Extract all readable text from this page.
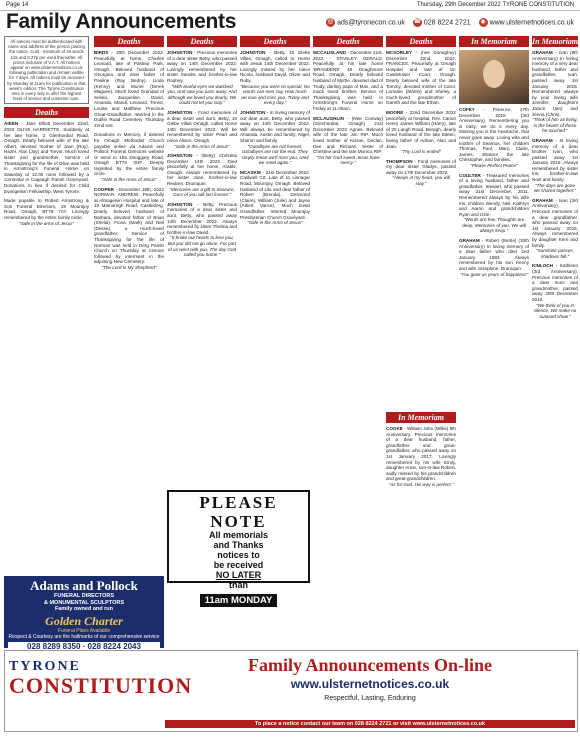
Page 14	Thursday, 29th December 2022 TYRONE CONSTITUTION
Family Announcements	@ ads@tyronecon.co.uk ☎ 028 8224 2721 ◉ www.ulsternetnotices.co.uk
All notices must be authenticated with name and address of the person placing the notice. Cost - minimum of 25 words £15 and 0.27p per word thereafter. All prices inclusive of V.A.T. All notices appear on www.ulsternetnotices.co.uk following publication and remain visible for 7 days. All notices must be received by Monday at 11am for publication in that week's edition. The Tyrone Constitution tries in every way to offer the highest level of service and customer care.
Deaths
AIKEN - Jane Elliott December 22nd, 2022 OLIVE HARRIETTE. Suddenly at her late home, 2 Glenhordial Road, Omagh. Dearly beloved wife of the late Albert, devoted mother of Joan (Roy), Hazel, Alan (Joy) and Trevor. Much loved sister and grandmother. Service of Thanksgiving for the life of Olive was held in Armstrong's Funeral Home on Saturday at 12.00 noon followed by a committal in Cappagh Parish Graveyard. Donations in lieu if desired for Child Evangelism Fellowship, West Tyrone.
Made payable to Robert Armstrong & Son Funeral Directors, 19 Mountjoy Road, Omagh, BT79 7AY. Lovingly remembered by the entire family circle.
"Safe in the arms of Jesus"
Deaths
BIRDS - 20th December 2022. Peacefully at home, Charles Leonard, late of Pasteur Park, Omagh. Beloved husband of Georgina and dear father of Pauline (Ray Bedoy), Linda (Kenny) and Muriel (Derek Maguire). Much loved Grandad of Selina, Jacqueline, David, Amanda, Mandi, Leonard, Trevor, Louise and Matthew. Precious Great-Grandfather. Interred in the Dublin Road Cemetery Thursday 22nd inst.
Donations in Memory, if desired for Omagh Methodist Church payable online via Adams and Pollock Funeral Directors website or send to 155 Dooggary Road, Omagh BT79 0HF. Deeply regretted by the entire family circle.
"Safe in the Arms of Jesus"
COOPER - December 19th, 2022 NORMAN ANDREW. Peacefully at Altnagelvin Hospital and late of 18 Mamoregh Road, Castlederg. Dearly beloved husband of Barbara, devoted father of Brian (Sheila), Fiona (Mark) and Neil (Desse), a much-loved grandfather. Service of Thanksgiving for the life of Norman was held in Derg Parish Church on Thursday at 12noon followed by interment in the adjoining New Cemetery.
"The Lord Is My Shepherd"
Deaths
JOHNSTON - Precious memories of a dear sister Betty, who passed away on 14th December 2022. Lovingly remembered by her sister Sandra and brother-in-law Rodney.
"With tearful eyes we watched you, And saw you pass away. And although we loved you dearly, We could not let you stay."
JOHNSTON - Fond memories of a dear sister and aunt, Betty, 10 Glebe Villas Omagh, called Home 14th December 2022. Will be remembered by sister Pearl and niece Alison, Omagh.
"Safe in the Arms of Jesus"
JOHNSTON - (Betty) Christina December 14th 2022. Died peacefully at her home, Arable, Omagh. Always remembered by her sister Joan, brother-in-law Reuben, Drumquin.
"Memories are a gift to treasure, Ours of you will last forever."
JOHNSTON - Betty. Precious memories of a dear sister and aunt, Betty, who passed away 14th December 2022. Always remembered by sister Thelma and brother-in-law David.
"It broke our hearts to lose you, But you did not go alone. For part of us went with you, The day God called you home."
Deaths
JOHNSTON - Betty, 10 Glebe Villas, Omagh, called to Home with Jesus 14th December 2022. Lovingly missed by her niece Nicola, husband David, Oliver and Ruby.
"Because you were so special, No words can ever say, How much we love and miss you, Today and every day."
JOHNSTON - In loving memory of our dear aunt, Betty, who passed away on 14th December 2022. Will always be remembered by Amanda, Austin and family; Nigel, Sharon and family.
"Goodbyes are not forever, Goodbyes are not the end. They simply mean we'll miss you, Until we meet again."
MCASKIE - 21st December 2022. Caldwell Crt. Late of 11 Lisnagar Road, Mountjoy, Omagh. Beloved husband of Lila and dear father of Robert (Brenda), Desmond (Claire), William (Julie) and Jayne (Albert Vance). Much loved Grandfather. Interred Mountjoy Presbyterian Church Graveyard.
"Safe in the Arms of Jesus"
Deaths
MCCAUSLAND - December 21st, 2022 - STANLEY GERALD. Peacefully at his late home 'BRANDENE' 40 Doaghmore Road, Omagh. Dearly beloved husband of Myrtle, devoted dad of Trudy, darling papa of Max, and a much loved brother. Service of Thanksgiving was held in Armstrong's Funeral Home on Friday at 11.00am.
MCLAUGHLIN - (Nee Conway) (Glenhordial, Omagh) 21st December 2022 Agnes. Beloved wife of the late Jim RIP. Much loved mother of Kieran, Declan, Dee and Richard. Sister of Christine and the late Monica RIP.
"On her God sweet Jesus have mercy."
Deaths
MCSORLEY - (nee Donaghey) December 22nd, 2022, FRANCES. Peacefully at Omagh Hospital and late of 19, Castletower Court, Omagh. Dearly beloved wife of the late Tommy, devoted mother of Carol, Lorraine (Martin) and Shirley, a much-loved grandmother of Gareth and the late Ethan.
MOORE - 22nd December 2022 peacefully at hospital, Rev. Canon Henry James William (Harry), late of 20 Langh Road, Beragh, dearly loved husband of the late Eileen, loving father of Adrian, Alan and Jean.
"Thy Lord is ended"
THOMPSON - Fond memories of my dear sister Gladys, passed away on 17th December 2022.
"Always in my heart, you will stay."
In Memoriam
COOKE - William John (Willis) 8th Anniversary. Precious memories of a dear husband, father, grandfather and great-grandfather, who passed away on 1st January 2017. Lovingly remembered by his wife Emily, daughter Anne, son-in-law Robert, sadly missed by his grandchildren and great-grandchildren.
"As for God, His way is perfect."
In Memoriam
COFEY - Florence. 27th December 2019 (3rd Anniversary). Remembering you is easy, we do it every day. Missing you is the heartache, that never goes away. Loving wife and mother of Seamus, her children Thomas, Paul, Mary, Claire, James, Eleanor the late Christopher, and families.
"Please Perfect Peace"
COULTER - Treasured memories of a loving husband, father and grandfather, Stewart, who passed away 31st December, 2011. Remembered always by his wife Iris, children Wendy, Neil, Kathryn and Aaron and grandchildren Ryan and Izzie.
"Words are few, Thoughts are deep, Memories of you, We will always keep."
GRAHAM - Robert (Bertie) (30th Anniversary) In loving memory of a dear father who died 2nd January 1993. Always remembered by his son Kenny and wife Josephine, Drumquin.
"You gave us years of happiness"
In Memoriam
GRAHAM - Ivan (8th Anniversary) In loving memory of a very dear husband, father and grandfather, Ivan, passed away 1st January 2015. Remembered always by your loving wife Jennifer, daughters Janice (Ian) and Jenna (Chris).
"Think of him as living, in the hearts of those he touched."
GRAHAM - In loving memory of a dear brother Ivan, who passed away 1st January 2015. Always remembered by sister Iris, brother-in-law Noel and family.
"The days are gone we shared together."
GRAHAM - Ivan (3rd Anniversary). Precious memories of a dear grandfather, who passed away on 1st January 2015. Always remembered by daughter Kerri and family.
"Sunshine passes, shadows fall."
KINLOCH - Kathleen (3rd Anniversary). Precious memories of a dear mum and grandmother, passed away 30th December 2019.
"We think of you in silence, We make no outward show."
PLEASE
NOTE
All memorials
and Thanks
notices to
be received
NO LATER
than
11am MONDAY
Adams and Pollock
FUNERAL DIRECTORS
& MONUMENTAL SCULPTORS
Family owned and run
Golden Charter
Funeral Plans Available
Respect & Courtesy are the hallmarks of our comprehensive service
028 8289 8350 · 028 8224 2043
TYRONE
CONSTITUTION
Family Announcements On-line
www.ulsternetnotices.co.uk
Respectful, Lasting, Enduring
To place a notice contact our team on 028 8224 2721 or visit www.ulsternetnotices.co.uk
